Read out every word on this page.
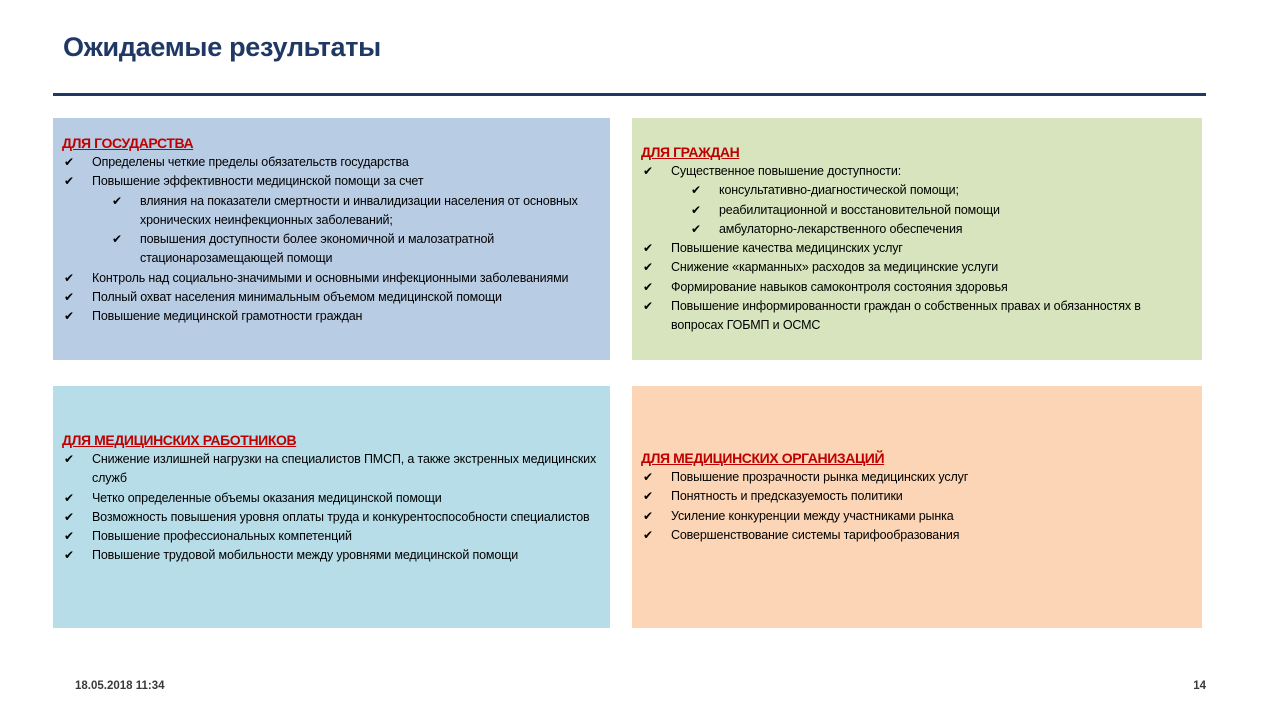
Ожидаемые результаты
ДЛЯ ГОСУДАРСТВА
✔ Определены четкие пределы обязательств государства
✔ Повышение эффективности медицинской помощи за счет
✔ влияния на показатели смертности и инвалидизации населения от основных хронических неинфекционных заболеваний;
✔ повышения доступности более экономичной и малозатратной стационарозамещающей помощи
✔ Контроль над социально-значимыми и основными инфекционными заболеваниями
✔ Полный охват населения минимальным объемом медицинской помощи
✔ Повышение медицинской грамотности граждан
ДЛЯ ГРАЖДАН
✔ Существенное повышение доступности:
✔ консультативно-диагностической помощи;
✔ реабилитационной и восстановительной помощи
✔ амбулаторно-лекарственного обеспечения
✔ Повышение качества медицинских услуг
✔ Снижение «карманных» расходов за медицинские услуги
✔ Формирование навыков самоконтроля состояния здоровья
✔ Повышение информированности граждан о собственных правах и обязанностях в вопросах ГОБМП и ОСМС
ДЛЯ МЕДИЦИНСКИХ РАБОТНИКОВ
✔ Снижение излишней нагрузки на специалистов ПМСП, а также экстренных медицинских служб
✔ Четко определенные объемы оказания медицинской помощи
✔ Возможность повышения уровня оплаты труда и конкурентоспособности специалистов
✔ Повышение профессиональных компетенций
✔ Повышение трудовой мобильности между уровнями медицинской помощи
ДЛЯ МЕДИЦИНСКИХ ОРГАНИЗАЦИЙ
✔ Повышение прозрачности рынка медицинских услуг
✔ Понятность и предсказуемость политики
✔ Усиление конкуренции между участниками рынка
✔ Совершенствование системы тарифообразования
18.05.2018 11:34	14
